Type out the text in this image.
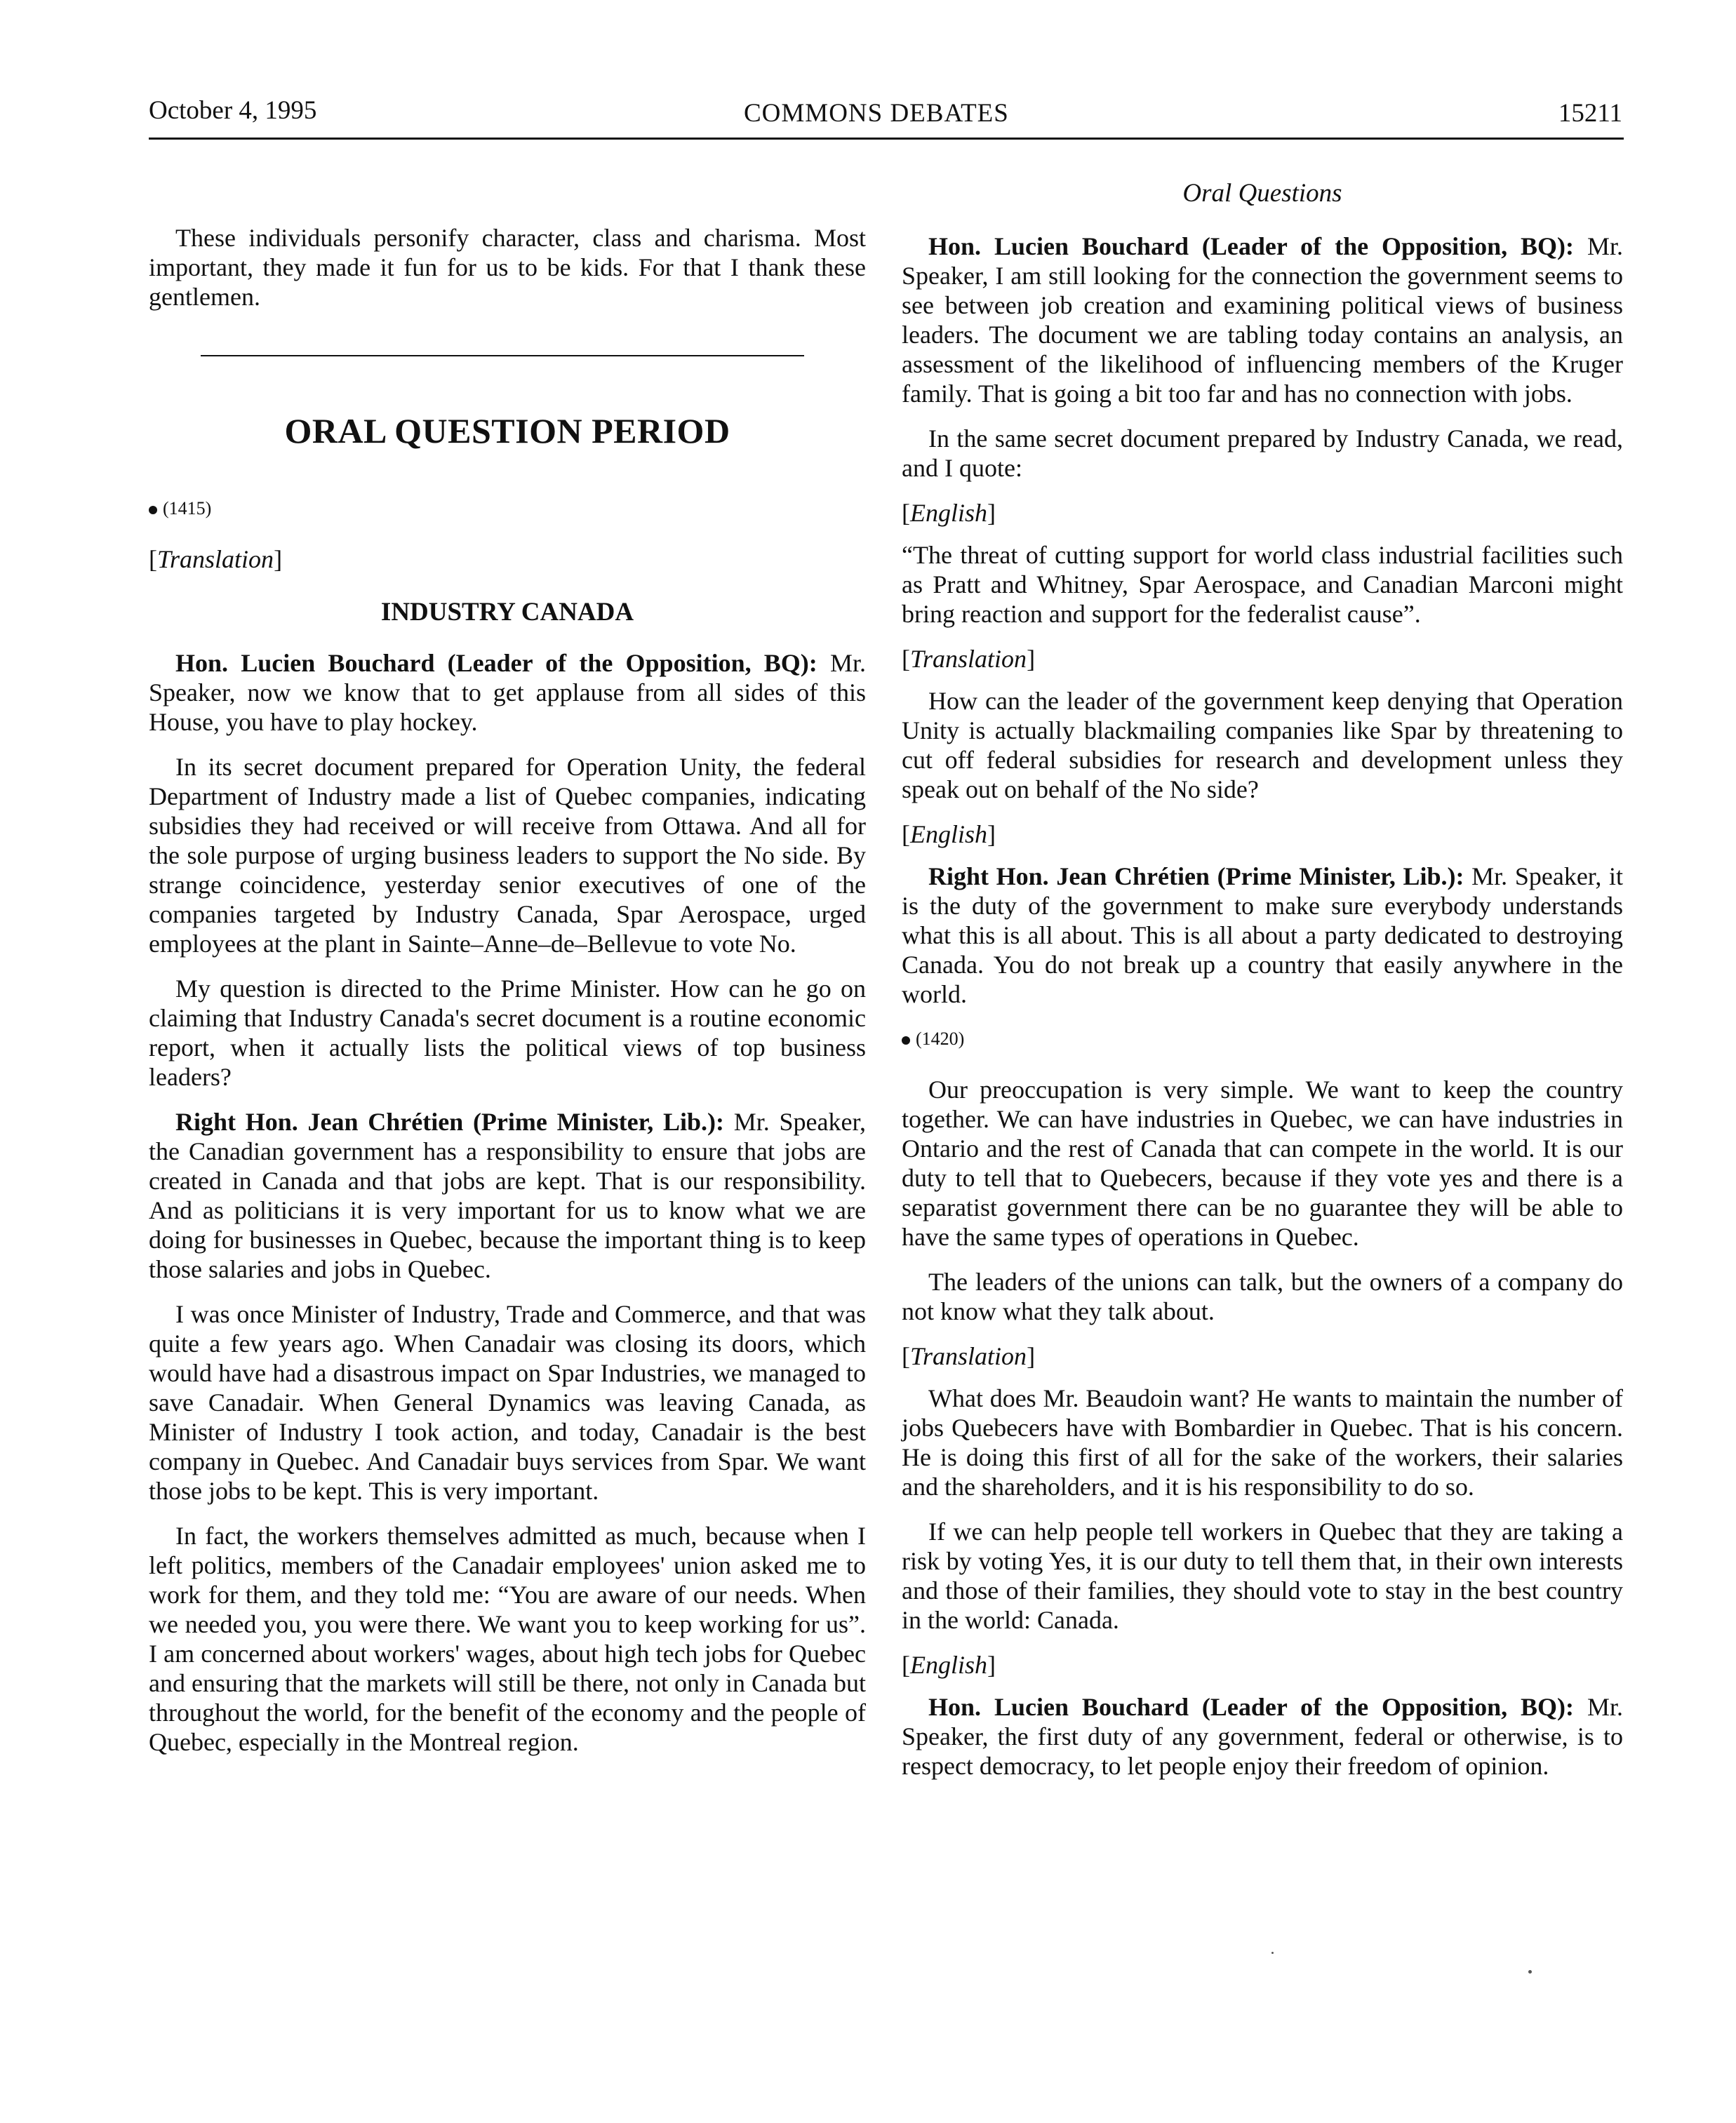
October 4, 1995	COMMONS DEBATES	15211
Oral Questions

These individuals personify character, class and charisma. Most important, they made it fun for us to be kids. For that I thank these gentlemen.

ORAL QUESTION PERIOD

(1415)

[Translation]

INDUSTRY CANADA

Hon. Lucien Bouchard (Leader of the Opposition, BQ): Mr. Speaker, now we know that to get applause from all sides of this House, you have to play hockey.

In its secret document prepared for Operation Unity, the federal Department of Industry made a list of Quebec companies, indicating subsidies they had received or will receive from Ottawa. And all for the sole purpose of urging business leaders to support the No side. By strange coincidence, yesterday senior executives of one of the companies targeted by Industry Canada, Spar Aerospace, urged employees at the plant in Sainte–Anne–de–Bellevue to vote No.

My question is directed to the Prime Minister. How can he go on claiming that Industry Canada's secret document is a routine economic report, when it actually lists the political views of top business leaders?

Right Hon. Jean Chrétien (Prime Minister, Lib.): Mr. Speaker, the Canadian government has a responsibility to ensure that jobs are created in Canada and that jobs are kept. That is our responsibility. And as politicians it is very important for us to know what we are doing for businesses in Quebec, because the important thing is to keep those salaries and jobs in Quebec.

I was once Minister of Industry, Trade and Commerce, and that was quite a few years ago. When Canadair was closing its doors, which would have had a disastrous impact on Spar Industries, we managed to save Canadair. When General Dynamics was leaving Canada, as Minister of Industry I took action, and today, Canadair is the best company in Quebec. And Canadair buys services from Spar. We want those jobs to be kept. This is very important.

In fact, the workers themselves admitted as much, because when I left politics, members of the Canadair employees' union asked me to work for them, and they told me: “You are aware of our needs. When we needed you, you were there. We want you to keep working for us”. I am concerned about workers' wages, about high tech jobs for Quebec and ensuring that the markets will still be there, not only in Canada but throughout the world, for the benefit of the economy and the people of Quebec, especially in the Montreal region.

Hon. Lucien Bouchard (Leader of the Opposition, BQ): Mr. Speaker, I am still looking for the connection the government seems to see between job creation and examining political views of business leaders. The document we are tabling today contains an analysis, an assessment of the likelihood of influencing members of the Kruger family. That is going a bit too far and has no connection with jobs.

In the same secret document prepared by Industry Canada, we read, and I quote:

[English]

“The threat of cutting support for world class industrial facilities such as Pratt and Whitney, Spar Aerospace, and Canadian Marconi might bring reaction and support for the federalist cause”.

[Translation]

How can the leader of the government keep denying that Operation Unity is actually blackmailing companies like Spar by threatening to cut off federal subsidies for research and development unless they speak out on behalf of the No side?

[English]

Right Hon. Jean Chrétien (Prime Minister, Lib.): Mr. Speaker, it is the duty of the government to make sure everybody understands what this is all about. This is all about a party dedicated to destroying Canada. You do not break up a country that easily anywhere in the world.

(1420)

Our preoccupation is very simple. We want to keep the country together. We can have industries in Quebec, we can have industries in Ontario and the rest of Canada that can compete in the world. It is our duty to tell that to Quebecers, because if they vote yes and there is a separatist government there can be no guarantee they will be able to have the same types of operations in Quebec.

The leaders of the unions can talk, but the owners of a company do not know what they talk about.

[Translation]

What does Mr. Beaudoin want? He wants to maintain the number of jobs Quebecers have with Bombardier in Quebec. That is his concern. He is doing this first of all for the sake of the workers, their salaries and the shareholders, and it is his responsibility to do so.

If we can help people tell workers in Quebec that they are taking a risk by voting Yes, it is our duty to tell them that, in their own interests and those of their families, they should vote to stay in the best country in the world: Canada.

[English]

Hon. Lucien Bouchard (Leader of the Opposition, BQ): Mr. Speaker, the first duty of any government, federal or otherwise, is to respect democracy, to let people enjoy their freedom of opinion.
